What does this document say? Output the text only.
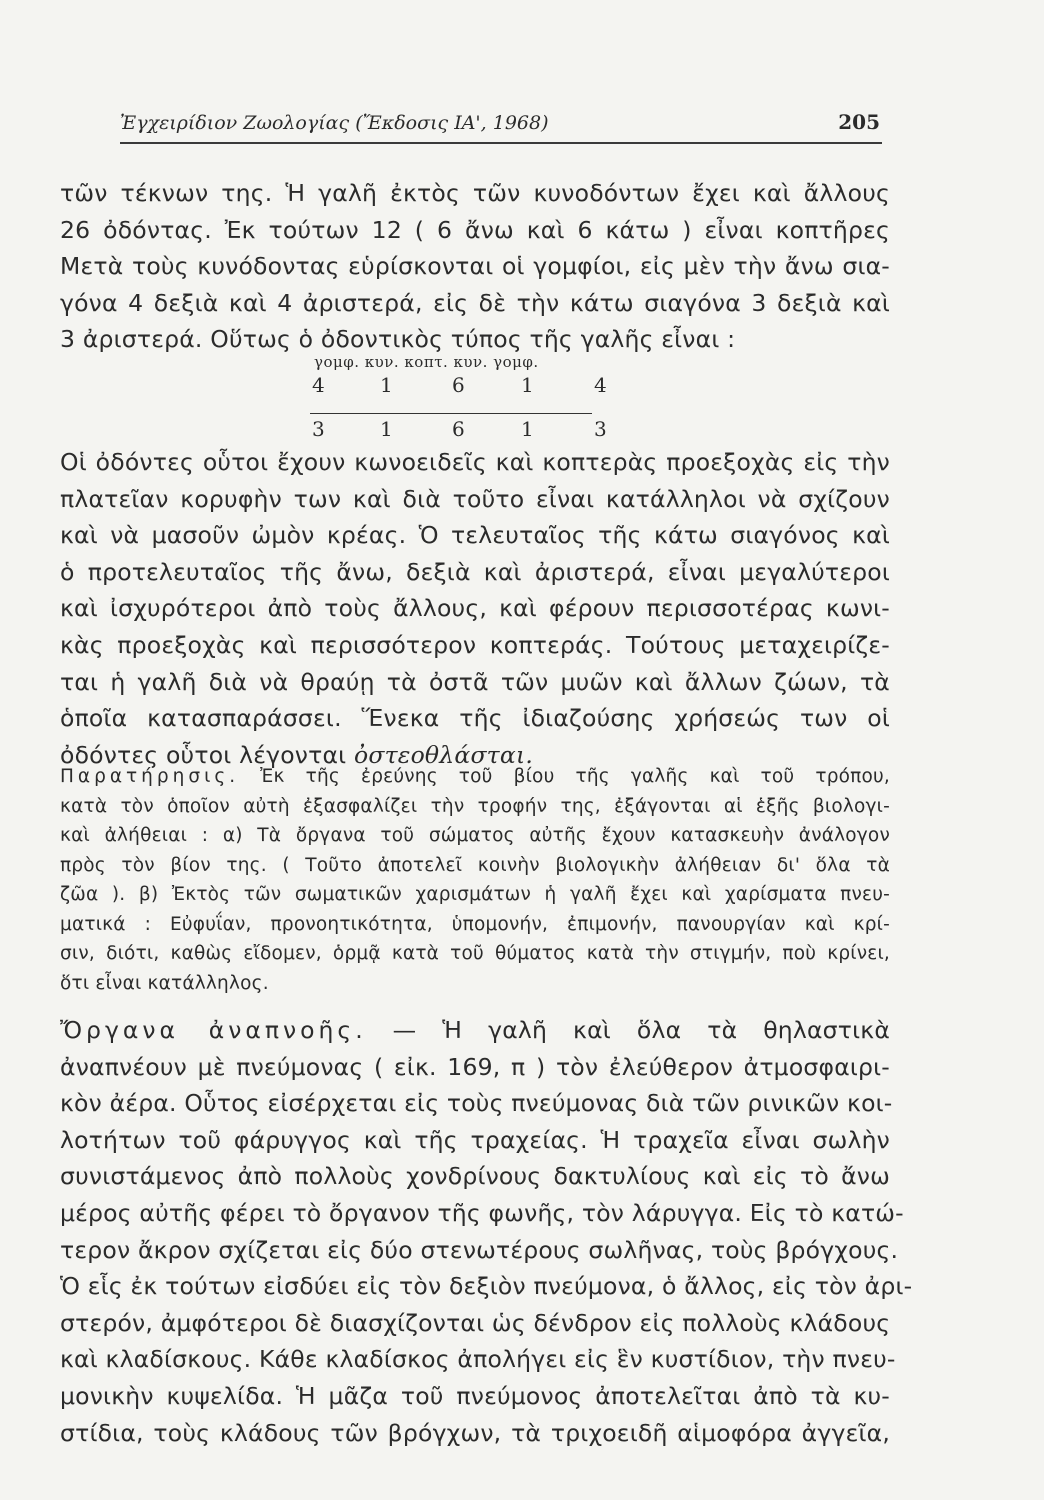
Ἐγχειρίδιον Ζωολογίας (Ἔκδοσις ΙΑ', 1968)	205
τῶν τέκνων της. Ἡ γαλῆ ἐκτὸς τῶν κυνοδόντων ἔχει καὶ ἄλλους
26 ὀδόντας. Ἐκ τούτων 12 ( 6 ἄνω καὶ 6 κάτω ) εἶναι κοπτῆρες
Μετὰ τοὺς κυνόδοντας εὑρίσκονται οἱ γομφίοι, εἰς μὲν τὴν ἄνω σια-
γόνα 4 δεξιὰ καὶ 4 ἀριστερά, εἰς δὲ τὴν κάτω σιαγόνα 3 δεξιὰ καὶ
3 ἀριστερά. Οὕτως ὁ ὀδοντικὸς τύπος τῆς γαλῆς εἶναι :
γομφ. κυν. κοπτ. κυν. γομφ.
4	1	6	1	4
3	1	6	1	3
Οἱ ὀδόντες οὗτοι ἔχουν κωνοειδεῖς καὶ κοπτερὰς προεξοχὰς εἰς τὴν
πλατεῖαν κορυφὴν των καὶ διὰ τοῦτο εἶναι κατάλληλοι νὰ σχίζουν
καὶ νὰ μασοῦν ὠμὸν κρέας. Ὁ τελευταῖος τῆς κάτω σιαγόνος καὶ
ὁ προτελευταῖος τῆς ἄνω, δεξιὰ καὶ ἀριστερά, εἶναι μεγαλύτεροι
καὶ ἰσχυρότεροι ἀπὸ τοὺς ἄλλους, καὶ φέρουν περισσοτέρας κωνι-
κὰς προεξοχὰς καὶ περισσότερον κοπτεράς. Τούτους μεταχειρίζε-
ται ἡ γαλῆ διὰ νὰ θραύῃ τὰ ὀστᾶ τῶν μυῶν καὶ ἄλλων ζώων, τὰ
ὁποῖα κατασπαράσσει. Ἕνεκα τῆς ἰδιαζούσης χρήσεώς των οἱ
ὀδόντες οὗτοι λέγονται ὀστεοθλάσται.
Παρατήρησις. Ἐκ τῆς ἐρεύνης τοῦ βίου τῆς γαλῆς καὶ τοῦ τρόπου,
κατὰ τὸν ὁποῖον αὐτὴ ἐξασφαλίζει τὴν τροφήν της, ἐξάγονται αἱ ἑξῆς βιολογι-
καὶ ἀλήθειαι : α) Τὰ ὄργανα τοῦ σώματος αὐτῆς ἔχουν κατασκευὴν ἀνάλογον
πρὸς τὸν βίον της. ( Τοῦτο ἀποτελεῖ κοινὴν βιολογικὴν ἀλήθειαν δι' ὅλα τὰ
ζῶα ). β) Ἐκτὸς τῶν σωματικῶν χαρισμάτων ἡ γαλῆ ἔχει καὶ χαρίσματα πνευ-
ματικά : Εὐφυΐαν, προνοητικότητα, ὑπομονήν, ἐπιμονήν, πανουργίαν καὶ κρί-
σιν, διότι, καθὼς εἴδομεν, ὁρμᾷ κατὰ τοῦ θύματος κατὰ τὴν στιγμήν, ποὺ κρίνει,
ὅτι εἶναι κατάλληλος.
Ὄργανα ἀναπνοῆς. — Ἡ γαλῆ καὶ ὅλα τὰ θηλαστικὰ
ἀναπνέουν μὲ πνεύμονας ( εἰκ. 169, π ) τὸν ἐλεύθερον ἀτμοσφαιρι-
κὸν ἀέρα. Οὗτος εἰσέρχεται εἰς τοὺς πνεύμονας διὰ τῶν ρινικῶν κοι-
λοτήτων τοῦ φάρυγγος καὶ τῆς τραχείας. Ἡ τραχεῖα εἶναι σωλὴν
συνιστάμενος ἀπὸ πολλοὺς χονδρίνους δακτυλίους καὶ εἰς τὸ ἄνω
μέρος αὐτῆς φέρει τὸ ὄργανον τῆς φωνῆς, τὸν λάρυγγα. Εἰς τὸ κατώ-
τερον ἄκρον σχίζεται εἰς δύο στενωτέρους σωλῆνας, τοὺς βρόγχους.
Ὁ εἷς ἐκ τούτων εἰσδύει εἰς τὸν δεξιὸν πνεύμονα, ὁ ἄλλος, εἰς τὸν ἀρι-
στερόν, ἀμφότεροι δὲ διασχίζονται ὡς δένδρον εἰς πολλοὺς κλάδους
καὶ κλαδίσκους. Κάθε κλαδίσκος ἀπολήγει εἰς ἓν κυστίδιον, τὴν πνευ-
μονικὴν κυψελίδα. Ἡ μᾶζα τοῦ πνεύμονος ἀποτελεῖται ἀπὸ τὰ κυ-
στίδια, τοὺς κλάδους τῶν βρόγχων, τὰ τριχοειδῆ αἱμοφόρα ἀγγεῖα,
